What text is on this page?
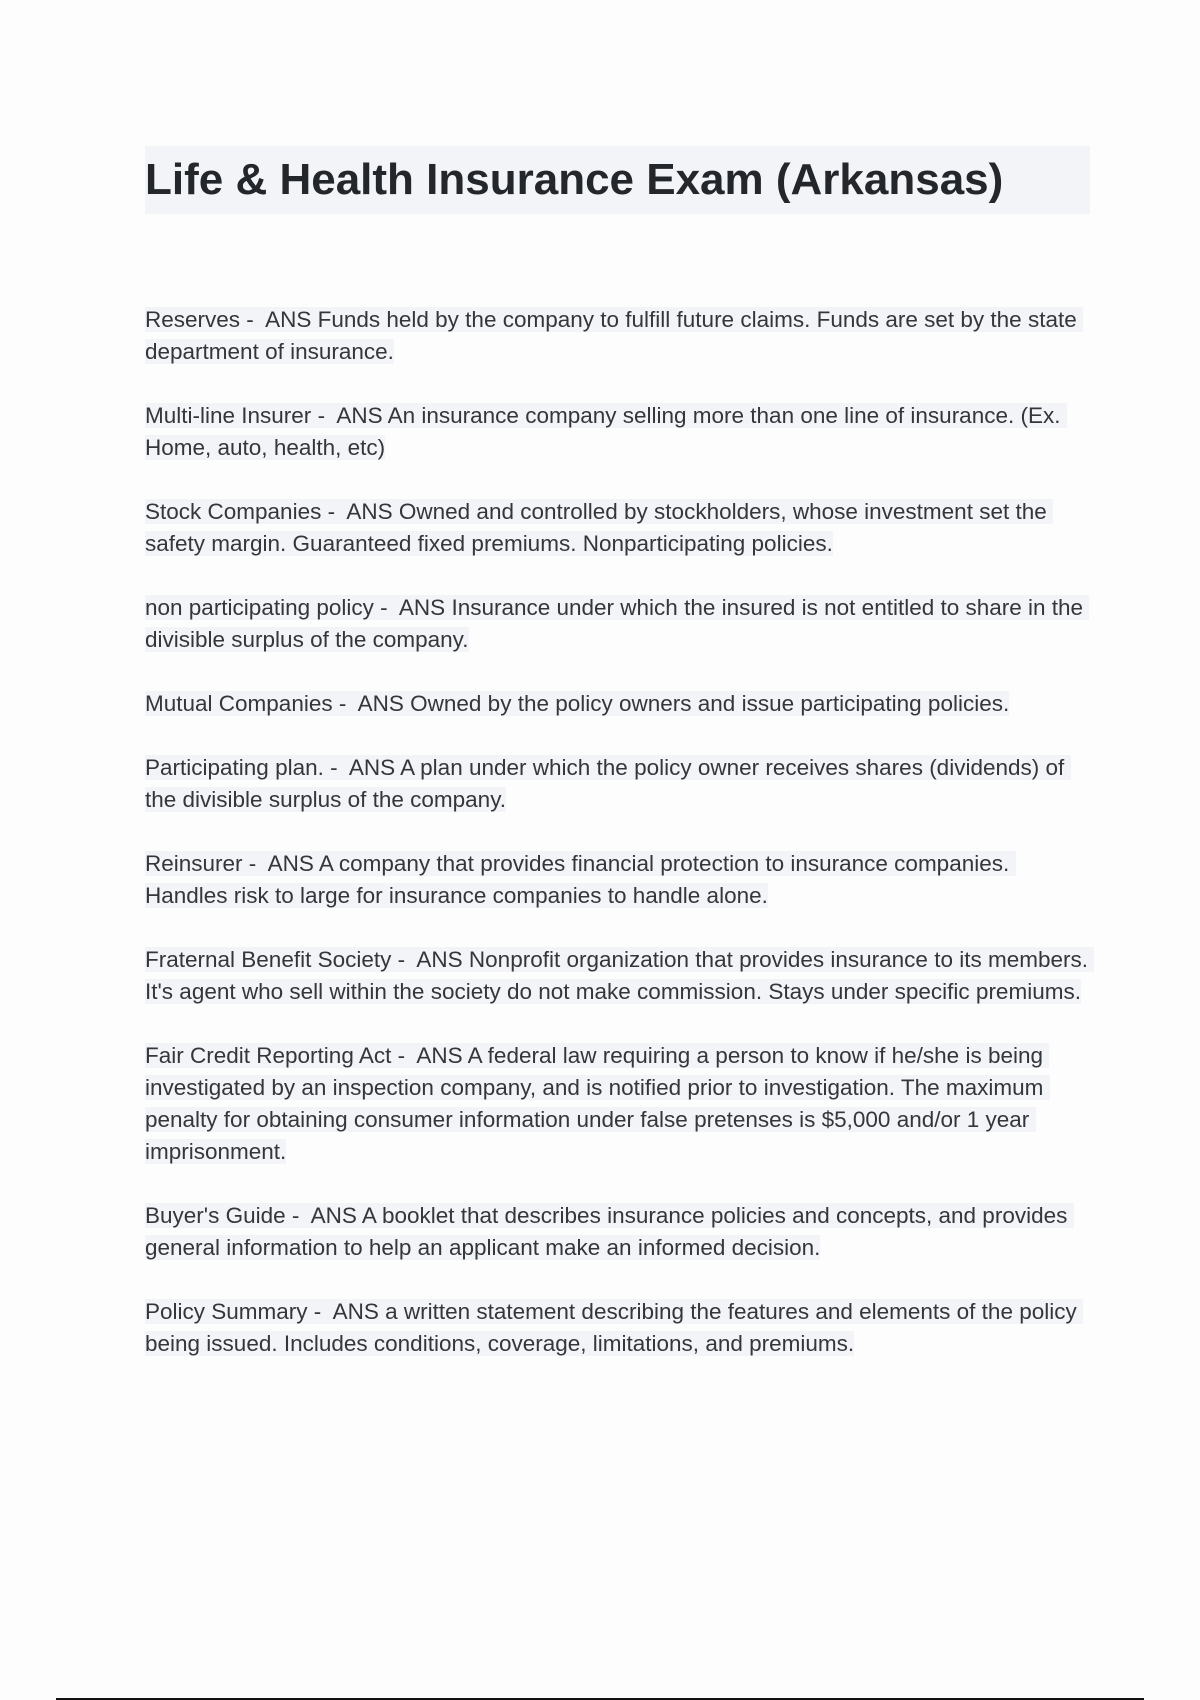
Life & Health Insurance Exam (Arkansas)

Reserves -  ANS Funds held by the company to fulfill future claims. Funds are set by the state department of insurance.

Multi-line Insurer -  ANS An insurance company selling more than one line of insurance. (Ex. Home, auto, health, etc)

Stock Companies -  ANS Owned and controlled by stockholders, whose investment set the safety margin. Guaranteed fixed premiums. Nonparticipating policies.

non participating policy -  ANS Insurance under which the insured is not entitled to share in the divisible surplus of the company.

Mutual Companies -  ANS Owned by the policy owners and issue participating policies.

Participating plan. -  ANS A plan under which the policy owner receives shares (dividends) of the divisible surplus of the company.

Reinsurer -  ANS A company that provides financial protection to insurance companies. Handles risk to large for insurance companies to handle alone.

Fraternal Benefit Society -  ANS Nonprofit organization that provides insurance to its members. It's agent who sell within the society do not make commission. Stays under specific premiums.

Fair Credit Reporting Act -  ANS A federal law requiring a person to know if he/she is being investigated by an inspection company, and is notified prior to investigation. The maximum penalty for obtaining consumer information under false pretenses is $5,000 and/or 1 year imprisonment.

Buyer's Guide -  ANS A booklet that describes insurance policies and concepts, and provides general information to help an applicant make an informed decision.

Policy Summary -  ANS a written statement describing the features and elements of the policy being issued. Includes conditions, coverage, limitations, and premiums.
